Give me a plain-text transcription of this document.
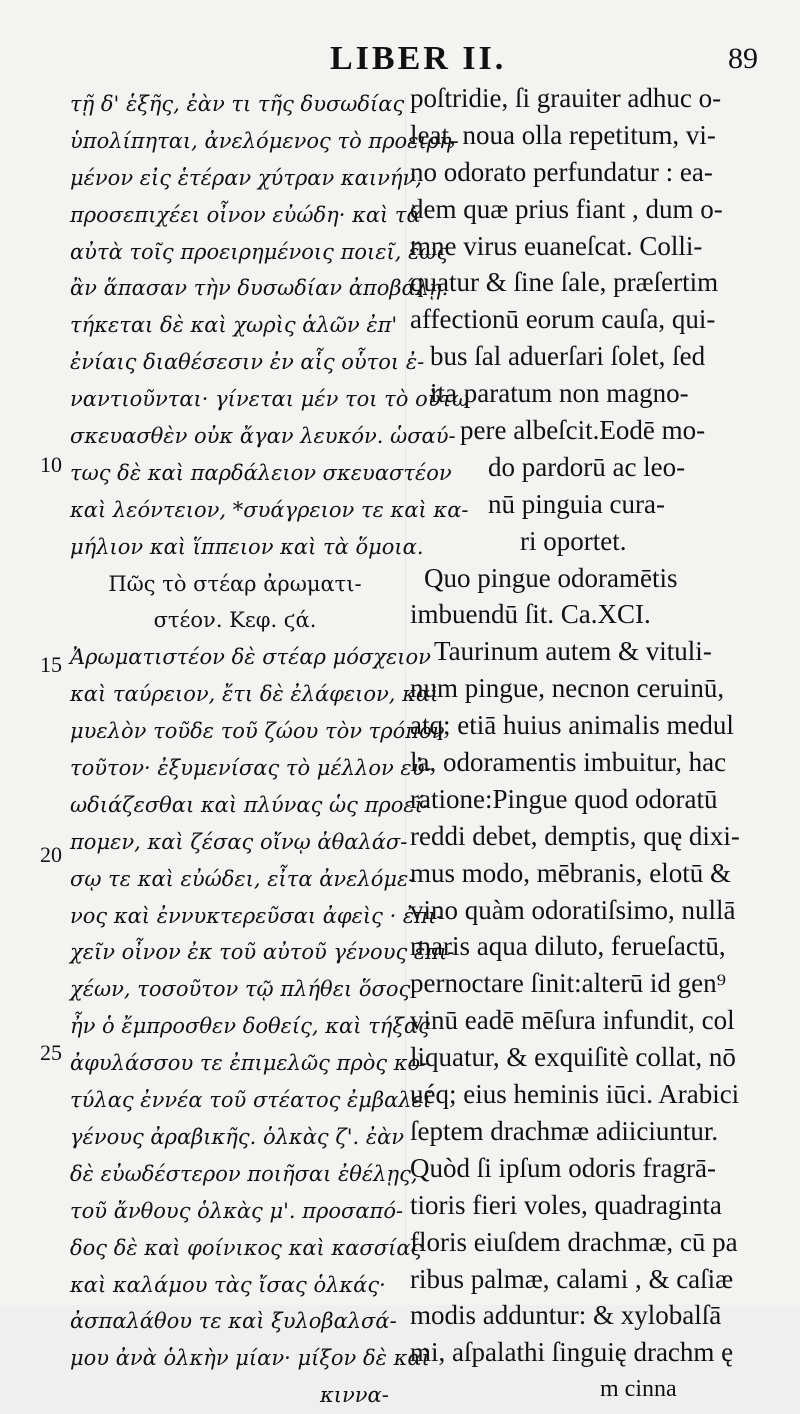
LIBER II.	89
10
15
20
25
τῇ δ' ἑξῆς, ἐὰν τι τῆς δυσωδίας
ὑπολίπηται, ἀνελόμενος τὸ προειρη-
μένον εἰς ἑτέραν χύτραν καινήν,
προσεπιχέει οἶνον εὐώδη· καὶ τὰ
αὐτὰ τοῖς προειρημένοις ποιεῖ, ἕως
ἂν ἅπασαν τὴν δυσωδίαν ἀποβάλῃ.
τήκεται δὲ καὶ χωρὶς ἁλῶν ἐπ'
ἐνίαις διαθέσεσιν ἐν αἷς οὗτοι ἐ-
ναντιοῦνται· γίνεται μέν τοι τὸ οὕτω
σκευασθὲν οὐκ ἄγαν λευκόν. ὡσαύ-
τως δὲ καὶ παρδάλειον σκευαστέον
καὶ λεόντειον, *συάγρειον τε καὶ κα-
μήλιον καὶ ἵππειον καὶ τὰ ὅμοια.
Πῶς τὸ στέαρ ἀρωματι-
στέον. Κεφ. ϛά.
Ἀρωματιστέον δὲ στέαρ μόσχειον
καὶ ταύρειον, ἔτι δὲ ἐλάφειον, καὶ
μυελὸν τοῦδε τοῦ ζώου τὸν τρόπον
τοῦτον· ἐξυμενίσας τὸ μέλλον εὐ-
ωδιάζεσθαι καὶ πλύνας ὡς προεί-
πομεν, καὶ ζέσας οἴνῳ ἀθαλάσ-
σῳ τε καὶ εὐώδει, εἶτα ἀνελόμε-
νος καὶ ἐννυκτερεῦσαι ἀφεὶς · ἐπι-
χεῖν οἶνον ἐκ τοῦ αὐτοῦ γένους ἐπι-
χέων, τοσοῦτον τῷ πλήθει ὅσος
ἦν ὁ ἔμπροσθεν δοθείς, καὶ τήξας
ἀφυλάσσου τε ἐπιμελῶς πρὸς κο-
τύλας ἐννέα τοῦ στέατος ἐμβαλεῖ
γένους ἀραβικῆς. ὁλκὰς ζ'. ἐὰν
δὲ εὐωδέστερον ποιῆσαι ἐθέλῃς,
τοῦ ἄνθους ὁλκὰς μ'. προσαπό-
δος δὲ καὶ φοίνικος καὶ κασσίας
καὶ καλάμου τὰς ἴσας ὁλκάς·
ἀσπαλάθου τε καὶ ξυλοβαλσά-
μου ἀνὰ ὁλκὴν μίαν· μίξον δὲ καὶ
κιννα-
poſtridie, ſi grauiter adhuc o-
leat, noua olla repetitum, vi-
no odorato perfundatur : ea-
dem quæ prius fiant , dum o-
mne virus euaneſcat. Colli-
quatur & ſine ſale, præſertim
affectionū eorum cauſa, qui-
bus ſal aduerſari ſolet, ſed
ita paratum non magno-
pere albeſcit.Eodē mo-
do pardorū ac leo-
nū pinguia cura-
ri oportet.
Quo pingue odoramētis
imbuendū ſit. Ca.XCI.
Taurinum autem & vituli-
num pingue, necnon ceruinū,
atq; etiā huius animalis medul
la, odoramentis imbuitur, hac
ratione:Pingue quod odoratū
reddi debet, demptis, quę dixi-
mus modo, mēbranis, elotū &
vino quàm odoratiſsimo, nullā
maris aqua diluto, ferueſactū,
pernoctare ſinit:alterū id gen⁹
vinū eadē mēſura infundit, col
liquatur, & exquiſitè collat, nō
uéq; eius heminis iūci. Arabici
ſeptem drachmæ adiiciuntur.
Quòd ſi ipſum odoris fragrā-
tioris fieri voles, quadraginta
floris eiuſdem drachmæ, cū pa
ribus palmæ, calami , & caſiæ
modis adduntur: & xylobalſā
mi, aſpalathi ſinguię drachm ę
m cinna
